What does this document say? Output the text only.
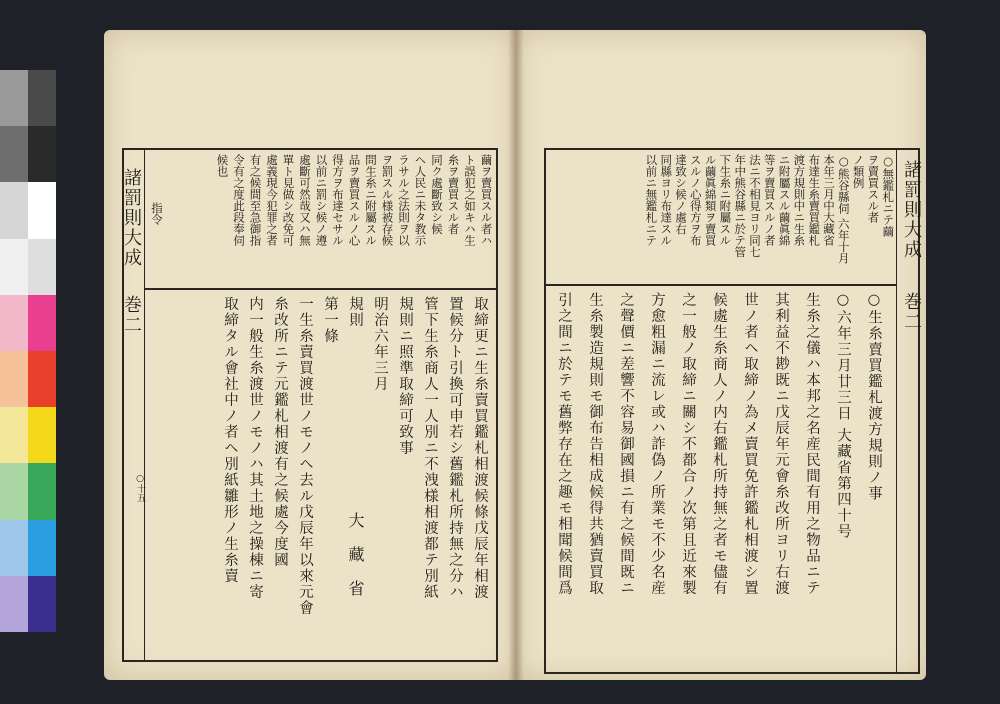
諸罰則大成
巻二
○十五
繭ヲ賣買スル者ハ
ト誤犯之如キハ生
糸ヲ賣買スル者
同ク處斷致シ候
ヘ人民ニ未タ教示
ラサル之法則ヲ以
ヲ罰スル様被存候
問生糸ニ附屬スル
品ヲ賣買スルノ心
得方ヲ布達セサル
以前ニ罰シ候ノ遵
處斷可然哉又ハ無
單ト見做シ改免可
處義現今犯罪之者
有之候間至急御指
令有之度此段奉伺
候也
指令
取締更ニ生糸賣買鑑札相渡候條戊辰年相渡
置候分ト引換可申若シ舊鑑札所持無之分ハ
管下生糸商人一人別ニ不洩様相渡都テ別紙
規則ニ照準取締可致事
明治六年三月
規則
第一條
一生糸賣買渡世ノモノヘ去ル戊辰年以來元會
糸改所ニテ元鑑札相渡有之候處今度國
内一般生糸渡世ノモノハ其土地之操棟ニ寄
取締タル會社中ノ者ヘ別紙雛形ノ生糸賣	大藏省
諸罰則大成
巻二
○無鑑札ニテ繭
ヲ賣買スル者
ノ類例
○熊谷縣伺 六年十月
本年三月中大藏省
布達生糸賣買鑑札
渡方規則中ニ生糸
ニ附屬スル繭眞綿
等ヲ賣買スルノ者
法ニ不相見ヨリ同七
年中熊谷縣ニ於テ管
下生糸ニ附屬スル
ル繭眞綿類ヲ賣買
スルノ心得方ヲ布
達致シ候ノ處右
同縣ヨリ布達スル
以前ニ無鑑札ニテ
○生糸賣買鑑札渡方規則ノ事
○六年三月廿三日 大藏省第四十号
生糸之儀ハ本邦之名産民間有用之物品ニテ
其利益不尠既ニ戊辰年元會糸改所ヨリ右渡
世ノ者ヘ取締ノ為メ賣買免許鑑札相渡シ置
候處生糸商人ノ内右鑑札所持無之者モ儘有
之一般ノ取締ニ關シ不都合ノ次第且近來製
方愈粗漏ニ流レ或ハ詐偽ノ所業モ不少名産
之聲價ニ差響不容易御國損ニ有之候間既ニ
生糸製造規則モ御布告相成候得共猶賣買取
引之間ニ於テモ舊弊存在之趣モ相聞候間爲
